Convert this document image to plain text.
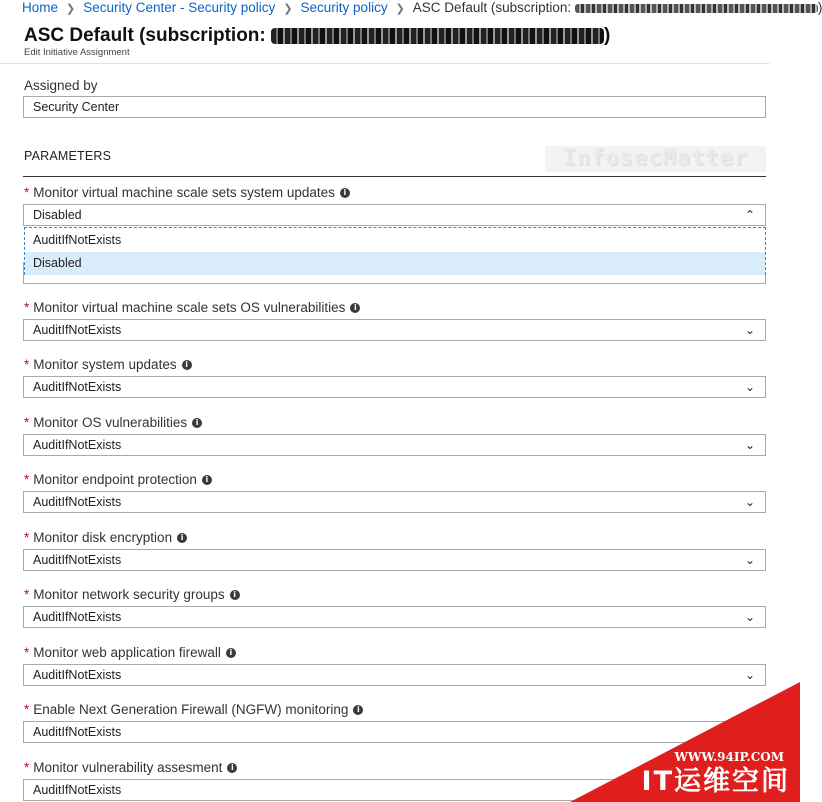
Home ❯ Security Center - Security policy ❯ Security policy ❯ ASC Default (subscription:	)
ASC Default (subscription:	)
Edit Initiative Assignment
Assigned by
Security Center
PARAMETERS	InfosecMatter
* Monitor virtual machine scale sets system updates i
Disabled	⌃
AuditIfNotExists
Disabled
* Monitor virtual machine scale sets OS vulnerabilities i
AuditIfNotExists	⌄
* Monitor system updates i
AuditIfNotExists	⌄
* Monitor OS vulnerabilities i
AuditIfNotExists	⌄
* Monitor endpoint protection i
AuditIfNotExists	⌄
* Monitor disk encryption i
AuditIfNotExists	⌄
* Monitor network security groups i
AuditIfNotExists	⌄
* Monitor web application firewall i
AuditIfNotExists	⌄
* Enable Next Generation Firewall (NGFW) monitoring i
AuditIfNotExists
* Monitor vulnerability assesment i
AuditIfNotExists
WWW.94IP.COM
IT运维空间
